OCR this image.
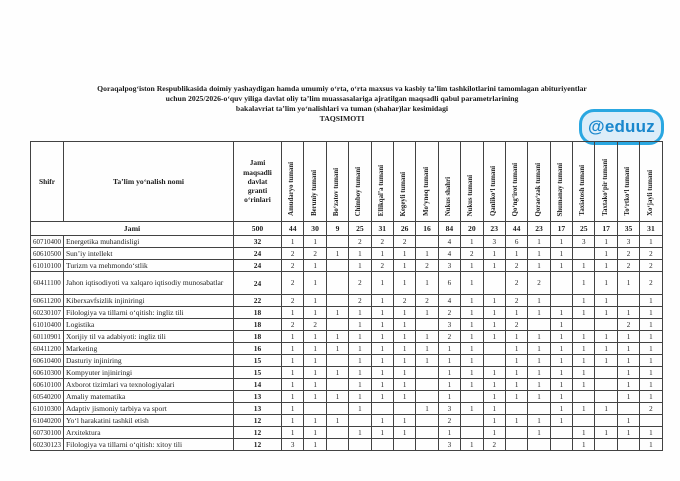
Qoraqalpog‘iston Respublikasida doimiy yashaydigan hamda umumiy o‘rta, o‘rta maxsus va kasbiy ta’lim tashkilotlarini tamomlagan abituriyentlar
uchun 2025/2026-o‘quv yiliga davlat oliy ta’lim muassasalariga ajratilgan maqsadli qabul parametrlarining
bakalavriat ta’lim yo‘nalishlari va tuman (shahar)lar kesimidagi
TAQSIMOTI	@eduuz
Shifr	Ta’lim yo‘nalish nomi	Jami maqsadli davlat granti o‘rinlari	Amudaryo tumani	Beruniy tumani	Bo‘zatov tumani	Chimboy tumani	Ellikqal’a tumani	Kegeyli tumani	Mo‘ynoq tumani	Nukus shahri	Nukus tumani	Qanliko‘l tumani	Qo‘ng‘irot tumani	Qorao‘zak tumani	Shumanay tumani	Taxiatosh tumani	Taxtako‘pir tumani	To‘rtko‘l tumani	Xo‘jayli tumani
Jami		500	44	30	9	25	31	26	16	84	20	23	44	23	17	25	17	35	31
60710400	Energetika muhandisligi	32	1	1		2	2	2		4	1	3	6	1	1	3	1	3	1
60610500	Sun’iy intellekt	24	2	2	1	1	1	1	1	4	2	1	1	1	1		1	2	2
61010100	Turizm va mehmondo‘stlik	24	2	1		1	2	1	2	3	1	1	2	1	1	1	1	2	2
60411100	Jahon iqtisodiyoti va xalqaro iqtisodiy munosabatlar	24	2	1		2	1	1	1	6	1		2	2		1	1	1	2
60611200	Kiberxavfsizlik injiniringi	22	2	1		2	1	2	2	4	1	1	2	1		1	1		1
60230107	Filologiya va tillarni o‘qitish: ingliz tili	18	1	1	1	1	1	1	1	2	1	1	1	1	1	1	1	1	1
61010400	Logistika	18	2	2		1	1	1		3	1	1	2		1			2	1
60110901	Xorijiy til va adabiyoti: ingliz tili	18	1	1	1	1	1	1	1	2	1	1	1	1	1	1	1	1	1
60411200	Marketing	16	1	1	1	1	1	1	1	1	1		1	1	1	1	1	1	1
60610400	Dasturiy injiniring	15	1	1		1	1	1	1	1	1		1	1	1	1	1	1	1
60610300	Kompyuter injiniringi	15	1	1	1	1	1	1		1	1	1	1	1	1	1		1	1
60610100	Axborot tizimlari va texnologiyalari	14	1	1		1	1	1		1	1	1	1	1	1	1		1	1
60540200	Amaliy matematika	13	1	1	1	1	1	1		1		1	1	1	1			1	1
61010300	Adaptiv jismoniy tarbiya va sport	13	1			1			1	3	1	1			1	1	1		2
61040200	Yo‘l harakatini tashkil etish	12	1	1	1		1	1		2		1	1	1	1			1	
60730100	Arxitektura	12	1	1		1	1	1		1		1		1		1	1	1	1
60230123	Filologiya va tillarni o‘qitish: xitoy tili	12	3	1						3	1	2				1			1
